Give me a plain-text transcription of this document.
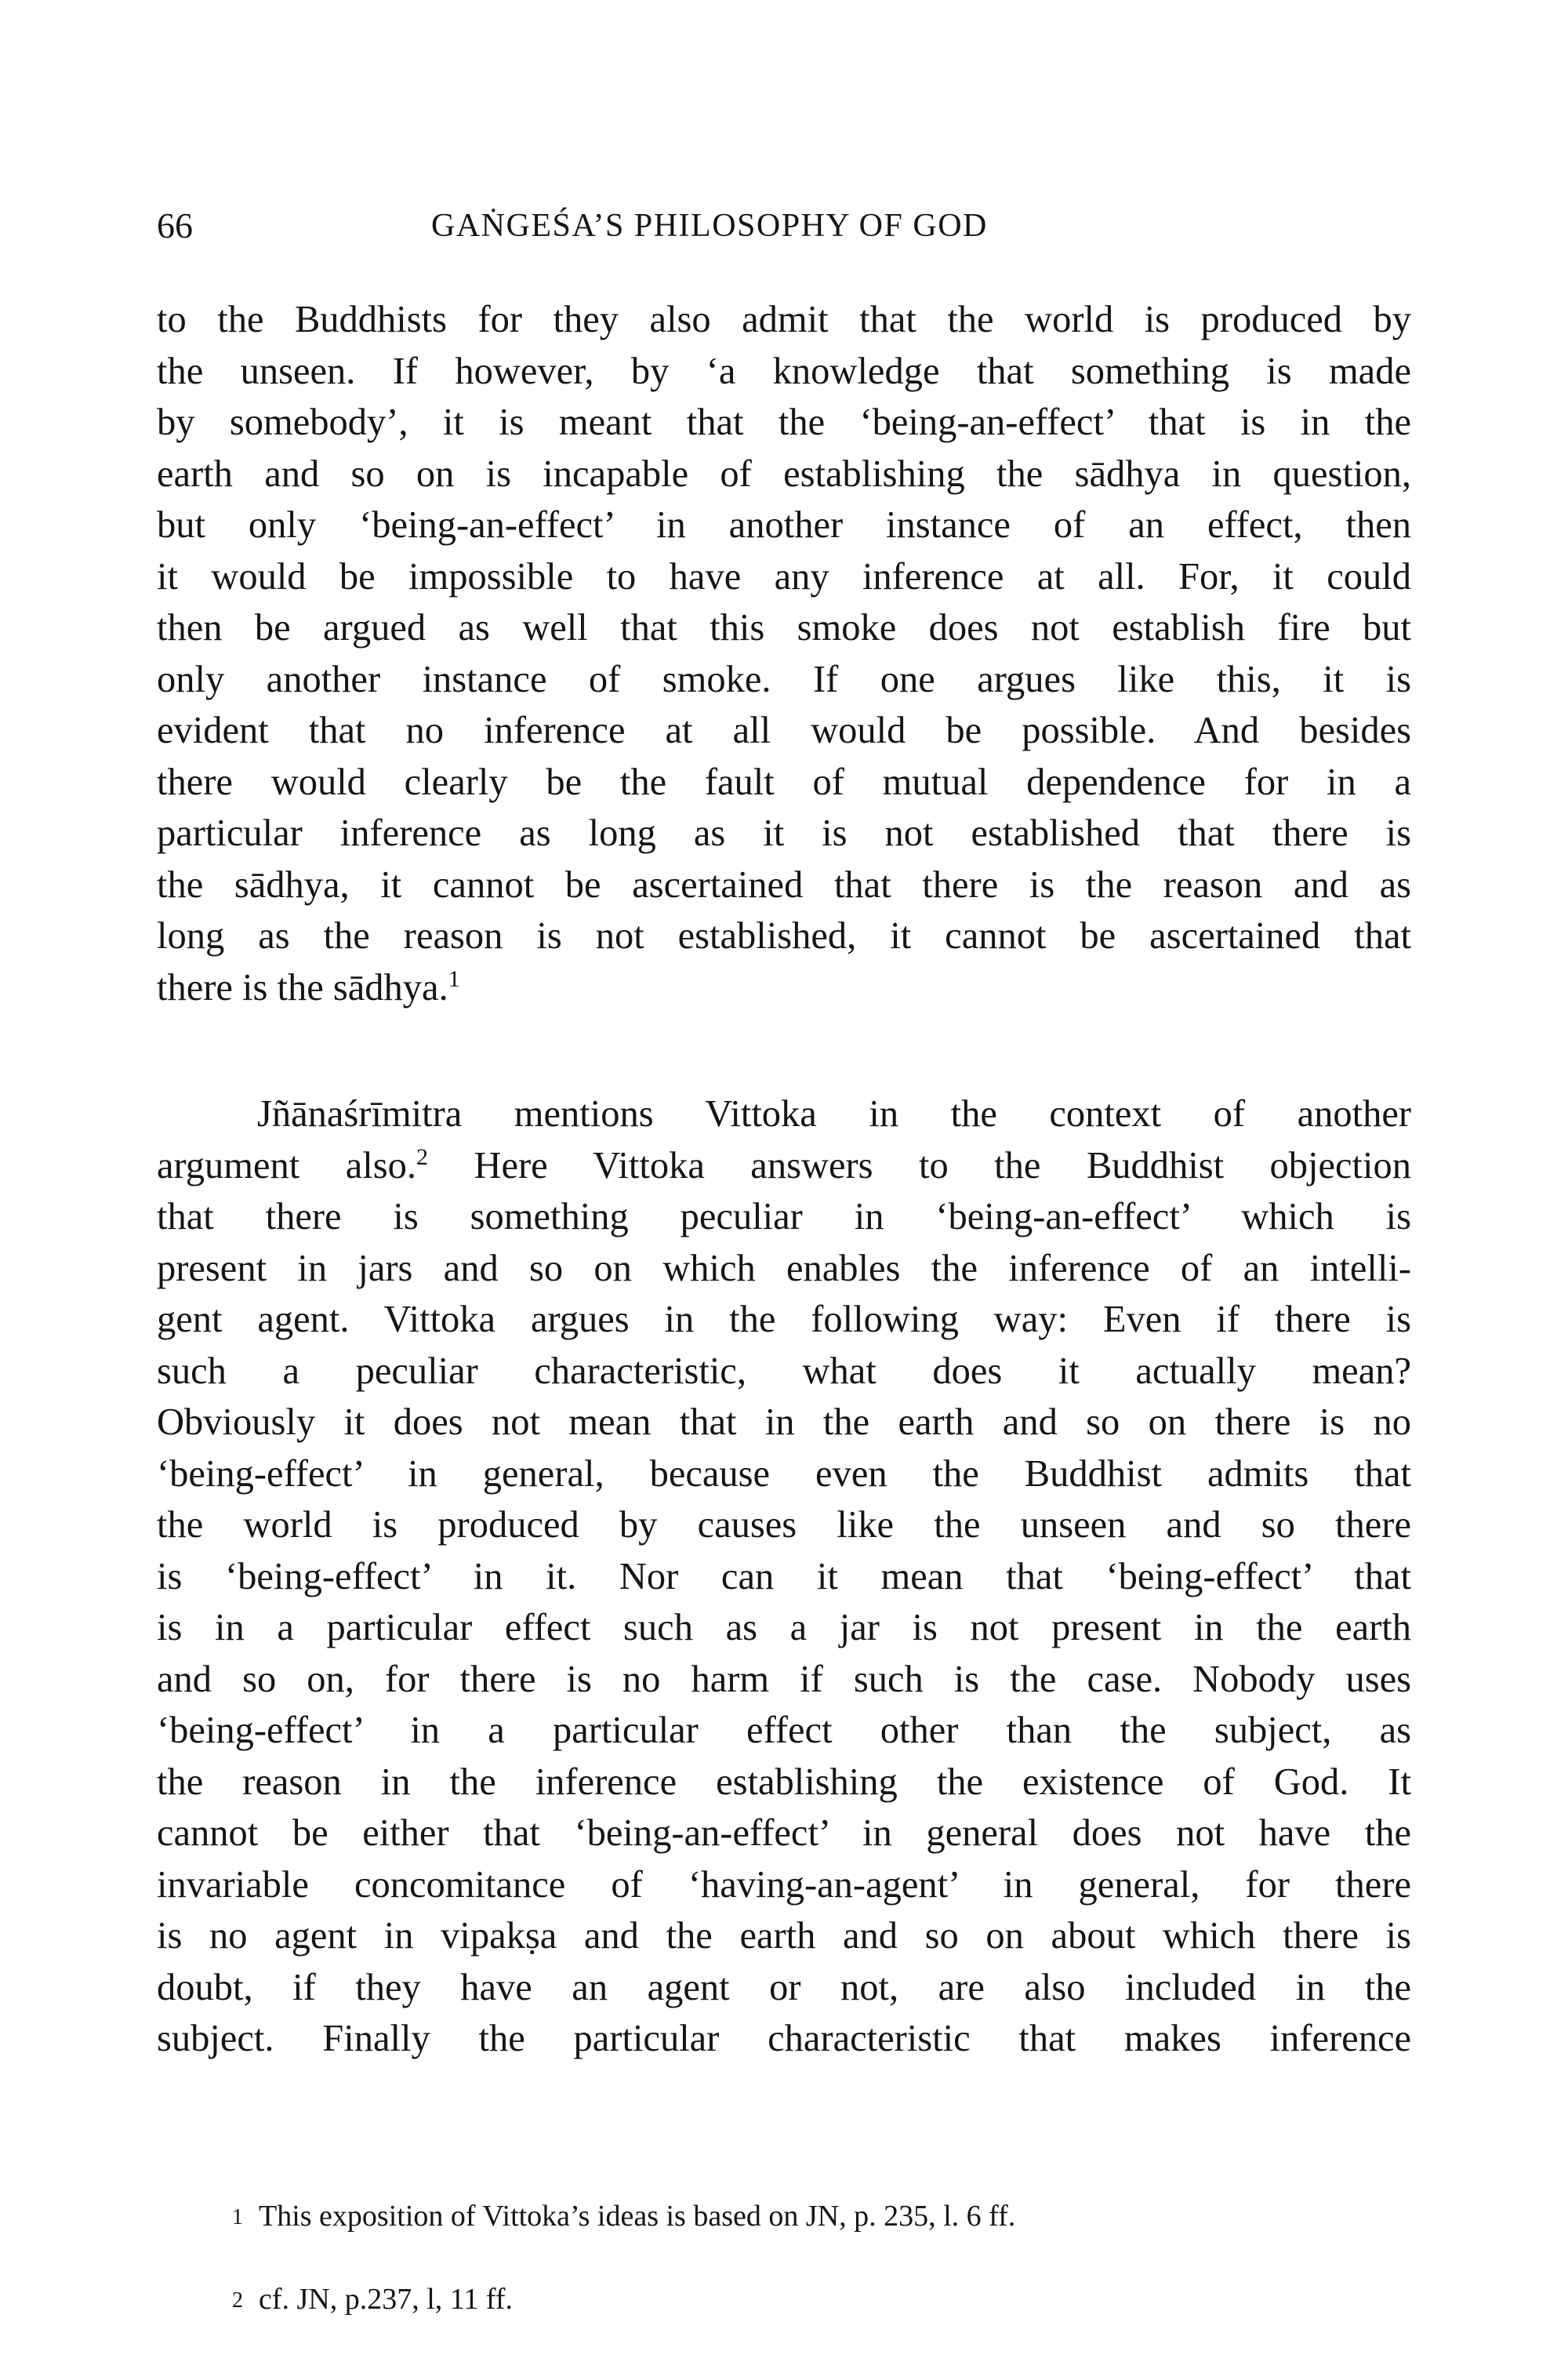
66	GAṄGEŚA’S PHILOSOPHY OF GOD
to the Buddhists for they also admit that the world is produced by
the unseen. If however, by ‘a knowledge that something is made
by somebody’, it is meant that the ‘being-an-effect’ that is in the
earth and so on is incapable of establishing the sādhya in question,
but only ‘being-an-effect’ in another instance of an effect, then
it would be impossible to have any inference at all. For, it could
then be argued as well that this smoke does not establish fire but
only another instance of smoke. If one argues like this, it is
evident that no inference at all would be possible. And besides
there would clearly be the fault of mutual dependence for in a
particular inference as long as it is not established that there is
the sādhya, it cannot be ascertained that there is the reason and as
long as the reason is not established, it cannot be ascertained that
there is the sādhya.$^1$
Jñānaśrīmitra mentions Vittoka in the context of another
argument also.$^2$ Here Vittoka answers to the Buddhist objection
that there is something peculiar in ‘being-an-effect’ which is
present in jars and so on which enables the inference of an intelli-
gent agent. Vittoka argues in the following way: Even if there is
such a peculiar characteristic, what does it actually mean?
Obviously it does not mean that in the earth and so on there is no
‘being-effect’ in general, because even the Buddhist admits that
the world is produced by causes like the unseen and so there
is ‘being-effect’ in it. Nor can it mean that ‘being-effect’ that
is in a particular effect such as a jar is not present in the earth
and so on, for there is no harm if such is the case. Nobody uses
‘being-effect’ in a particular effect other than the subject, as
the reason in the inference establishing the existence of God. It
cannot be either that ‘being-an-effect’ in general does not have the
invariable concomitance of ‘having-an-agent’ in general, for there
is no agent in vipakṣa and the earth and so on about which there is
doubt, if they have an agent or not, are also included in the
subject. Finally the particular characteristic that makes inference
1 This exposition of Vittoka’s ideas is based on JN, p. 235, l. 6 ff.
2 cf. JN, p.237, l, 11 ff.
